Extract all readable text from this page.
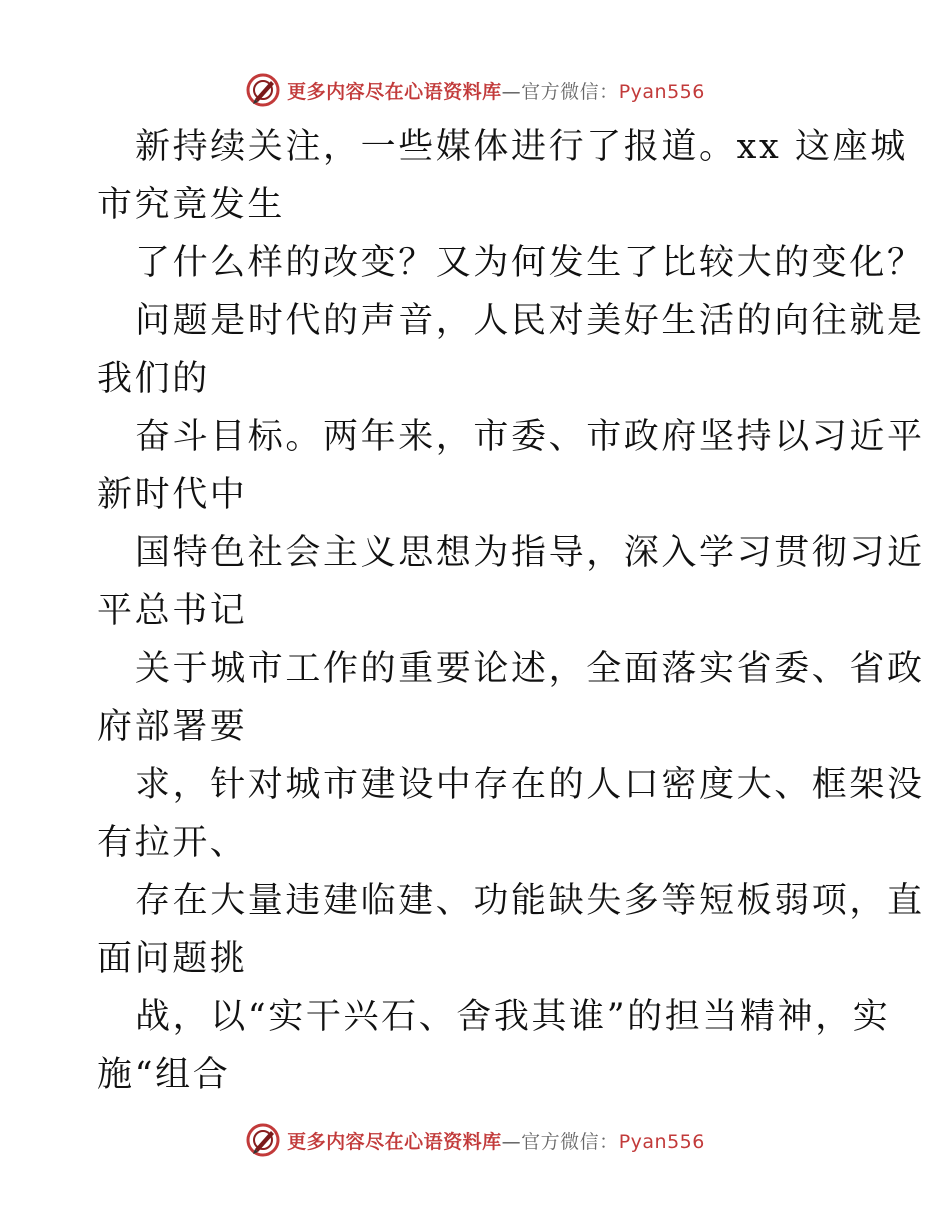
更多内容尽在心语资料库—官方微信：Pyan556
新持续关注，一些媒体进行了报道。xx 这座城
市究竟发生
了什么样的改变？又为何发生了比较大的变化？
问题是时代的声音，人民对美好生活的向往就是
我们的
奋斗目标。两年来，市委、市政府坚持以习近平
新时代中
国特色社会主义思想为指导，深入学习贯彻习近
平总书记
关于城市工作的重要论述，全面落实省委、省政
府部署要
求，针对城市建设中存在的人口密度大、框架没
有拉开、
存在大量违建临建、功能缺失多等短板弱项，直
面问题挑
战，以“实干兴石、舍我其谁”的担当精神，实
施“组合
更多内容尽在心语资料库—官方微信：Pyan556
